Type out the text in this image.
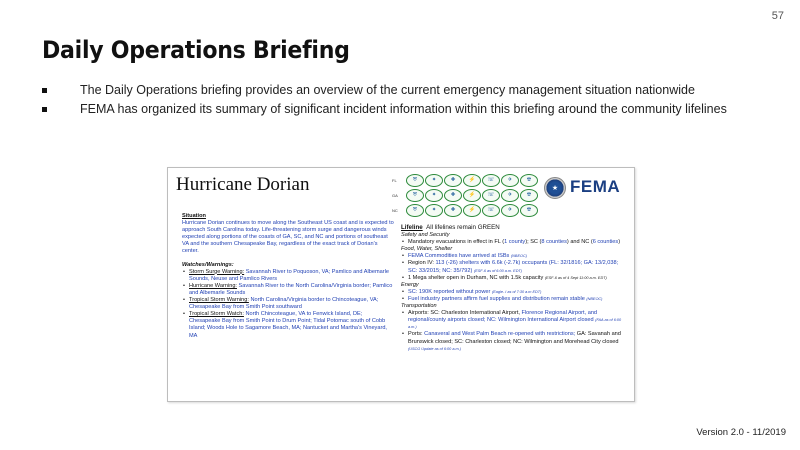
57
Daily Operations Briefing
The Daily Operations briefing provides an overview of the current emergency management situation nationwide
FEMA has organized its summary of significant incident information within this briefing around the community lifelines
Hurricane Dorian	FL	⛨	✦	✚	⚡	☏	✈	☢
GA	⛨	✦	✚	⚡	☏	✈	☢
NC	⛨	✦	✚	⚡	☏	✈	☢
★ FEMA
Situation
Hurricane Dorian continues to move along the Southeast US coast and is expected to approach South Carolina today. Life-threatening storm surge and dangerous winds expected along portions of the coasts of GA, SC, and NC and portions of southeast VA and the southern Chesapeake Bay, regardless of the exact track of Dorian's center.
Watches/Warnings:
• Storm Surge Warning: Savannah River to Poquoson, VA; Pamlico and Albemarle Sounds, Neuse and Pamlico Rivers
• Hurricane Warning: Savannah River to the North Carolina/Virginia border; Pamlico and Albemarle Sounds
• Tropical Storm Warning: North Carolina/Virginia border to Chincoteague, VA; Chesapeake Bay from Smith Point southward
• Tropical Storm Watch: North Chincoteague, VA to Fenwick Island, DE; Chesapeake Bay from Smith Point to Drum Point; Tidal Potomac south of Cobb Island; Woods Hole to Sagamore Beach, MA; Nantucket and Martha's Vineyard, MA
Lifeline All lifelines remain GREEN
Safety and Security
• Mandatory evacuations in effect in FL (1 county); SC (8 counties) and NC (6 counties)
Food, Water, Shelter
• FEMA Commodities have arrived at ISBs (NBEOC)
• Region IV: 113 (-26) shelters with 6.6k (-2.7k) occupants (FL: 32/1816; GA: 13/2,038; SC: 33/2015; NC: 35/792) (ESF-6 as of 6:00 a.m. EDT)
• 1 Mega shelter open in Durham, NC with 1.5k capacity (ESF-6 as of 4 Sept 11:00 a.m. EDT)
Energy
• SC: 190K reported without power (Eagle- I as of 7:30 a.m EDT)
• Fuel industry partners affirm fuel supplies and distribution remain stable (NBEOC)
Transportation
• Airports: SC: Charleston International Airport, Florence Regional Airport, and regional/county airports closed; NC: Wilmington International Airport closed (FAA as of 6:00 a.m.)
• Ports: Canaveral and West Palm Beach re-opened with restrictions; GA: Savanah and Brunswick closed; SC: Charleston closed; NC: Wilmington and Morehead City closed (USCG Update as of 6:00 a.m.)
Version 2.0 - 11/2019
